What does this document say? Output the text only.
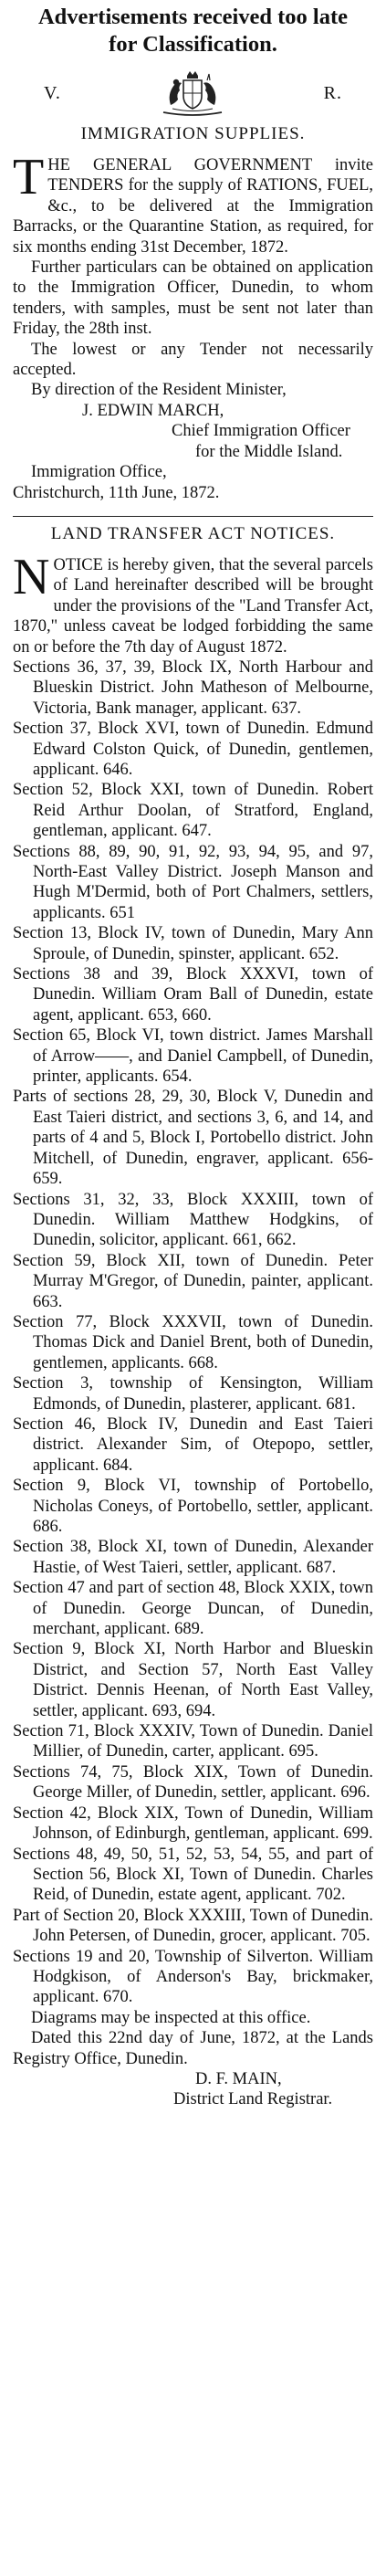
Advertisements received too late
for Classification.
V.	R.
IMMIGRATION SUPPLIES.
T HE GENERAL GOVERNMENT invite TENDERS for the supply of RATIONS, FUEL, &c., to be delivered at the Immigration Barracks, or the Quarantine Station, as required, for six months ending 31st December, 1872.

Further particulars can be obtained on application to the Immigration Officer, Dunedin, to whom tenders, with samples, must be sent not later than Friday, the 28th inst.

The lowest or any Tender not necessarily accepted.

By direction of the Resident Minister,

J. EDWIN MARCH,

Chief Immigration Officer

for the Middle Island.

Immigration Office,

Christchurch, 11th June, 1872.

LAND TRANSFER ACT NOTICES.
N OTICE is hereby given, that the several parcels of Land hereinafter described will be brought under the provisions of the "Land Transfer Act, 1870," unless caveat be lodged forbidding the same on or before the 7th day of August 1872.

Sections 36, 37, 39, Block IX, North Harbour and Blueskin District. John Matheson of Melbourne, Victoria, Bank manager, applicant. 637.

Section 37, Block XVI, town of Dunedin. Edmund Edward Colston Quick, of Dunedin, gentlemen, applicant. 646.

Section 52, Block XXI, town of Dunedin. Robert Reid Arthur Doolan, of Stratford, England, gentleman, applicant. 647.

Sections 88, 89, 90, 91, 92, 93, 94, 95, and 97, North-East Valley District. Joseph Manson and Hugh M'Dermid, both of Port Chalmers, settlers, applicants. 651

Section 13, Block IV, town of Dunedin, Mary Ann Sproule, of Dunedin, spinster, applicant. 652.

Sections 38 and 39, Block XXXVI, town of Dunedin. William Oram Ball of Dunedin, estate agent, applicant. 653, 660.

Section 65, Block VI, town district. James Marshall of Arrow——, and Daniel Campbell, of Dunedin, printer, applicants. 654.

Parts of sections 28, 29, 30, Block V, Dunedin and East Taieri district, and sections 3, 6, and 14, and parts of 4 and 5, Block I, Portobello district. John Mitchell, of Dunedin, engraver, applicant. 656-659.

Sections 31, 32, 33, Block XXXIII, town of Dunedin. William Matthew Hodgkins, of Dunedin, solicitor, applicant. 661, 662.

Section 59, Block XII, town of Dunedin. Peter Murray M'Gregor, of Dunedin, painter, applicant. 663.

Section 77, Block XXXVII, town of Dunedin. Thomas Dick and Daniel Brent, both of Dunedin, gentlemen, applicants. 668.

Section 3, township of Kensington, William Edmonds, of Dunedin, plasterer, applicant. 681.

Section 46, Block IV, Dunedin and East Taieri district. Alexander Sim, of Otepopo, settler, applicant. 684.

Section 9, Block VI, township of Portobello, Nicholas Coneys, of Portobello, settler, applicant. 686.

Section 38, Block XI, town of Dunedin, Alexander Hastie, of West Taieri, settler, applicant. 687.

Section 47 and part of section 48, Block XXIX, town of Dunedin. George Duncan, of Dunedin, merchant, applicant. 689.

Section 9, Block XI, North Harbor and Blueskin District, and Section 57, North East Valley District. Dennis Heenan, of North East Valley, settler, applicant. 693, 694.

Section 71, Block XXXIV, Town of Dunedin. Daniel Millier, of Dunedin, carter, applicant. 695.

Sections 74, 75, Block XIX, Town of Dunedin. George Miller, of Dunedin, settler, applicant. 696.

Section 42, Block XIX, Town of Dunedin, William Johnson, of Edinburgh, gentleman, applicant. 699.

Sections 48, 49, 50, 51, 52, 53, 54, 55, and part of Section 56, Block XI, Town of Dunedin. Charles Reid, of Dunedin, estate agent, applicant. 702.

Part of Section 20, Block XXXIII, Town of Dunedin. John Petersen, of Dunedin, grocer, applicant. 705.

Sections 19 and 20, Township of Silverton. William Hodgkison, of Anderson's Bay, brickmaker, applicant. 670.

Diagrams may be inspected at this office.

Dated this 22nd day of June, 1872, at the Lands Registry Office, Dunedin.

D. F. MAIN,

District Land Registrar.
